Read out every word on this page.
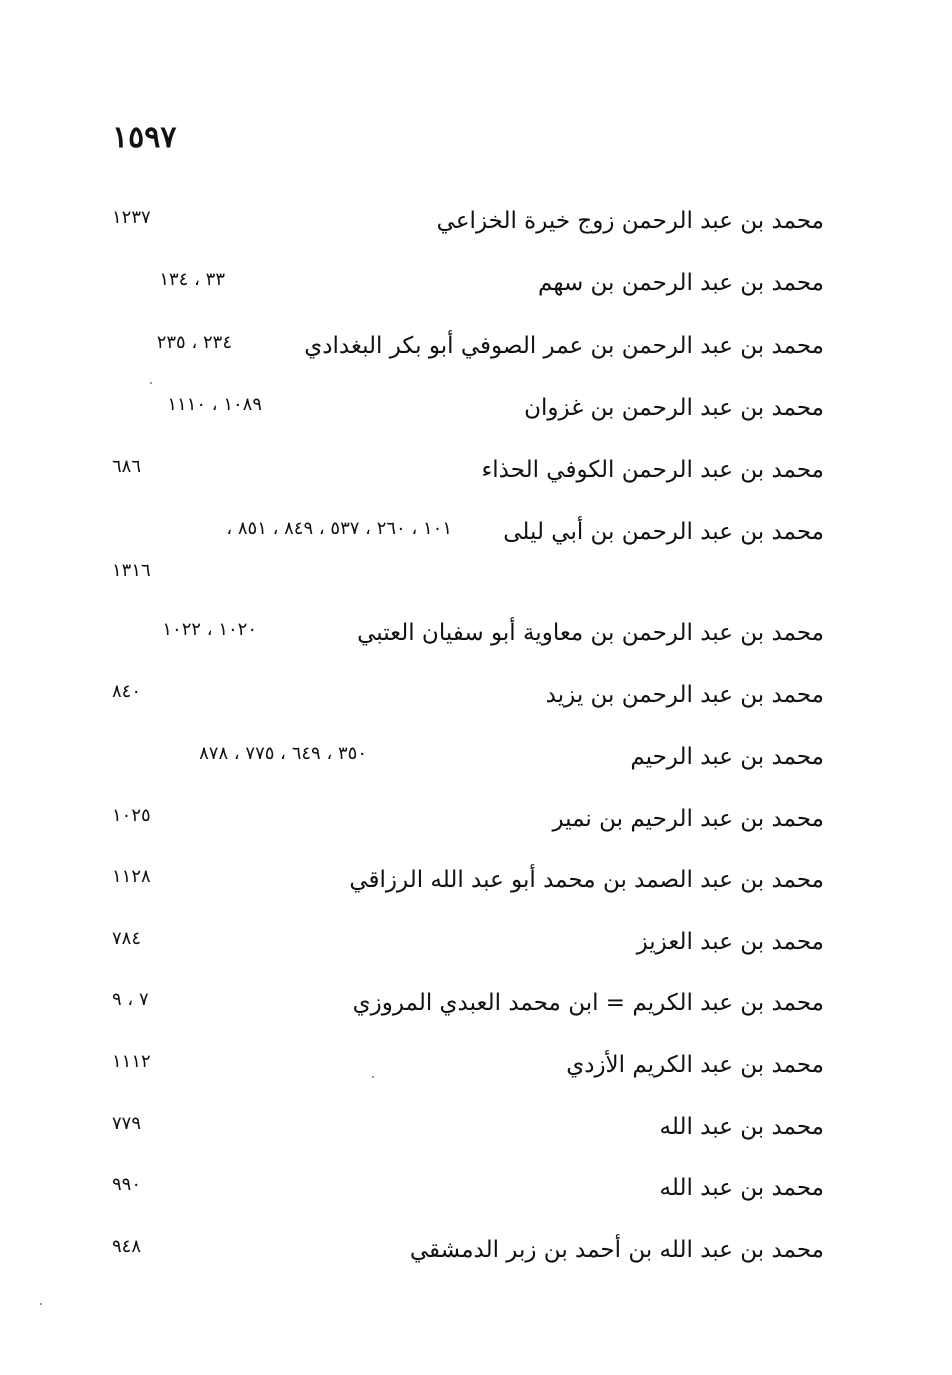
١٥٩٧
محمد بن عبد الرحمن زوج خيرة الخزاعي
١٢٣٧
محمد بن عبد الرحمن بن سهم
٣٣ ، ١٣٤
محمد بن عبد الرحمن بن عمر الصوفي أبو بكر البغدادي
٢٣٤ ، ٢٣٥
محمد بن عبد الرحمن بن غزوان
١٠٨٩ ، ١١١٠
محمد بن عبد الرحمن الكوفي الحذاء
٦٨٦
محمد بن عبد الرحمن بن أبي ليلى
١٠١ ، ٢٦٠ ، ٥٣٧ ، ٨٤٩ ، ٨٥١ ،
١٣١٦
محمد بن عبد الرحمن بن معاوية أبو سفيان العتبي
١٠٢٠ ، ١٠٢٢
محمد بن عبد الرحمن بن يزيد
٨٤٠
محمد بن عبد الرحيم
٣٥٠ ، ٦٤٩ ، ٧٧٥ ، ٨٧٨
محمد بن عبد الرحيم بن نمير
١٠٢٥
محمد بن عبد الصمد بن محمد أبو عبد الله الرزاقي
١١٢٨
محمد بن عبد العزيز
٧٨٤
محمد بن عبد الكريم = ابن محمد العبدي المروزي
٧ ، ٩
محمد بن عبد الكريم الأزدي
١١١٢
محمد بن عبد الله
٧٧٩
محمد بن عبد الله
٩٩٠
محمد بن عبد الله بن أحمد بن زبر الدمشقي
٩٤٨
